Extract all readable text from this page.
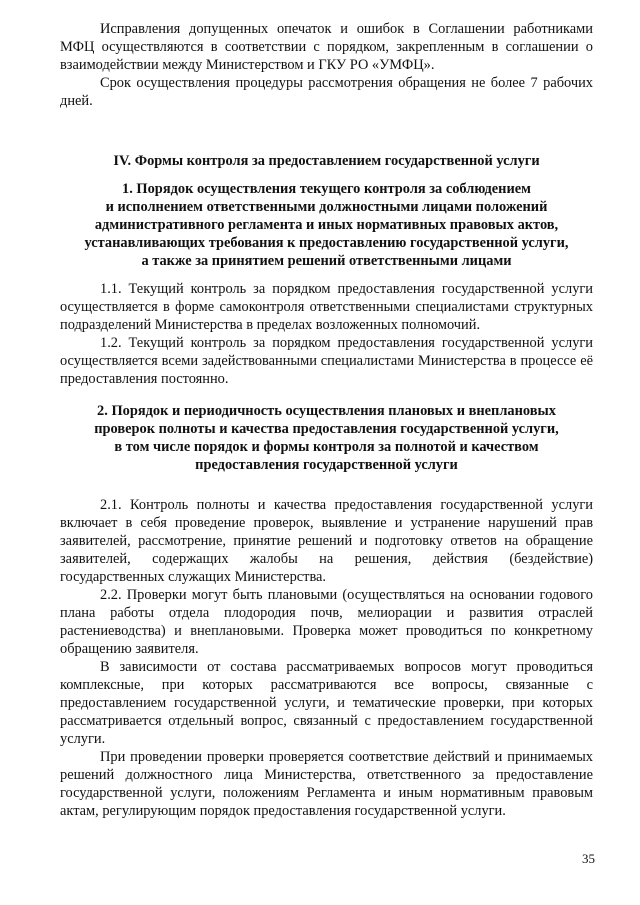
Исправления допущенных опечаток и ошибок в Соглашении работниками МФЦ осуществляются в соответствии с порядком, закрепленным в соглашении о взаимодействии между Министерством и ГКУ РО «УМФЦ».

Срок осуществления процедуры рассмотрения обращения не более 7 рабочих дней.

IV. Формы контроля за предоставлением государственной услуги

1. Порядок осуществления текущего контроля за соблюдением
и исполнением ответственными должностными лицами положений
административного регламента и иных нормативных правовых актов,
устанавливающих требования к предоставлению государственной услуги,
а также за принятием решений ответственными лицами

1.1. Текущий контроль за порядком предоставления государственной услуги осуществляется в форме самоконтроля ответственными специалистами структурных подразделений Министерства в пределах возложенных полномочий.

1.2. Текущий контроль за порядком предоставления государственной услуги осуществляется всеми задействованными специалистами Министерства в процессе её предоставления постоянно.

2. Порядок и периодичность осуществления плановых и внеплановых
проверок полноты и качества предоставления государственной услуги,
в том числе порядок и формы контроля за полнотой и качеством
предоставления государственной услуги

2.1. Контроль полноты и качества предоставления государственной услуги включает в себя проведение проверок, выявление и устранение нарушений прав заявителей, рассмотрение, принятие решений и подготовку ответов на обращение заявителей, содержащих жалобы на решения, действия (бездействие) государственных служащих Министерства.

2.2. Проверки могут быть плановыми (осуществляться на основании годового плана работы отдела плодородия почв, мелиорации и развития отраслей растениеводства) и внеплановыми. Проверка может проводиться по конкретному обращению заявителя.

В зависимости от состава рассматриваемых вопросов могут проводиться комплексные, при которых рассматриваются все вопросы, связанные с предоставлением государственной услуги, и тематические проверки, при которых рассматривается отдельный вопрос, связанный с предоставлением государственной услуги.

При проведении проверки проверяется соответствие действий и принимаемых решений должностного лица Министерства, ответственного за предоставление государственной услуги, положениям Регламента и иным нормативным правовым актам, регулирующим порядок предоставления государственной услуги.

35
